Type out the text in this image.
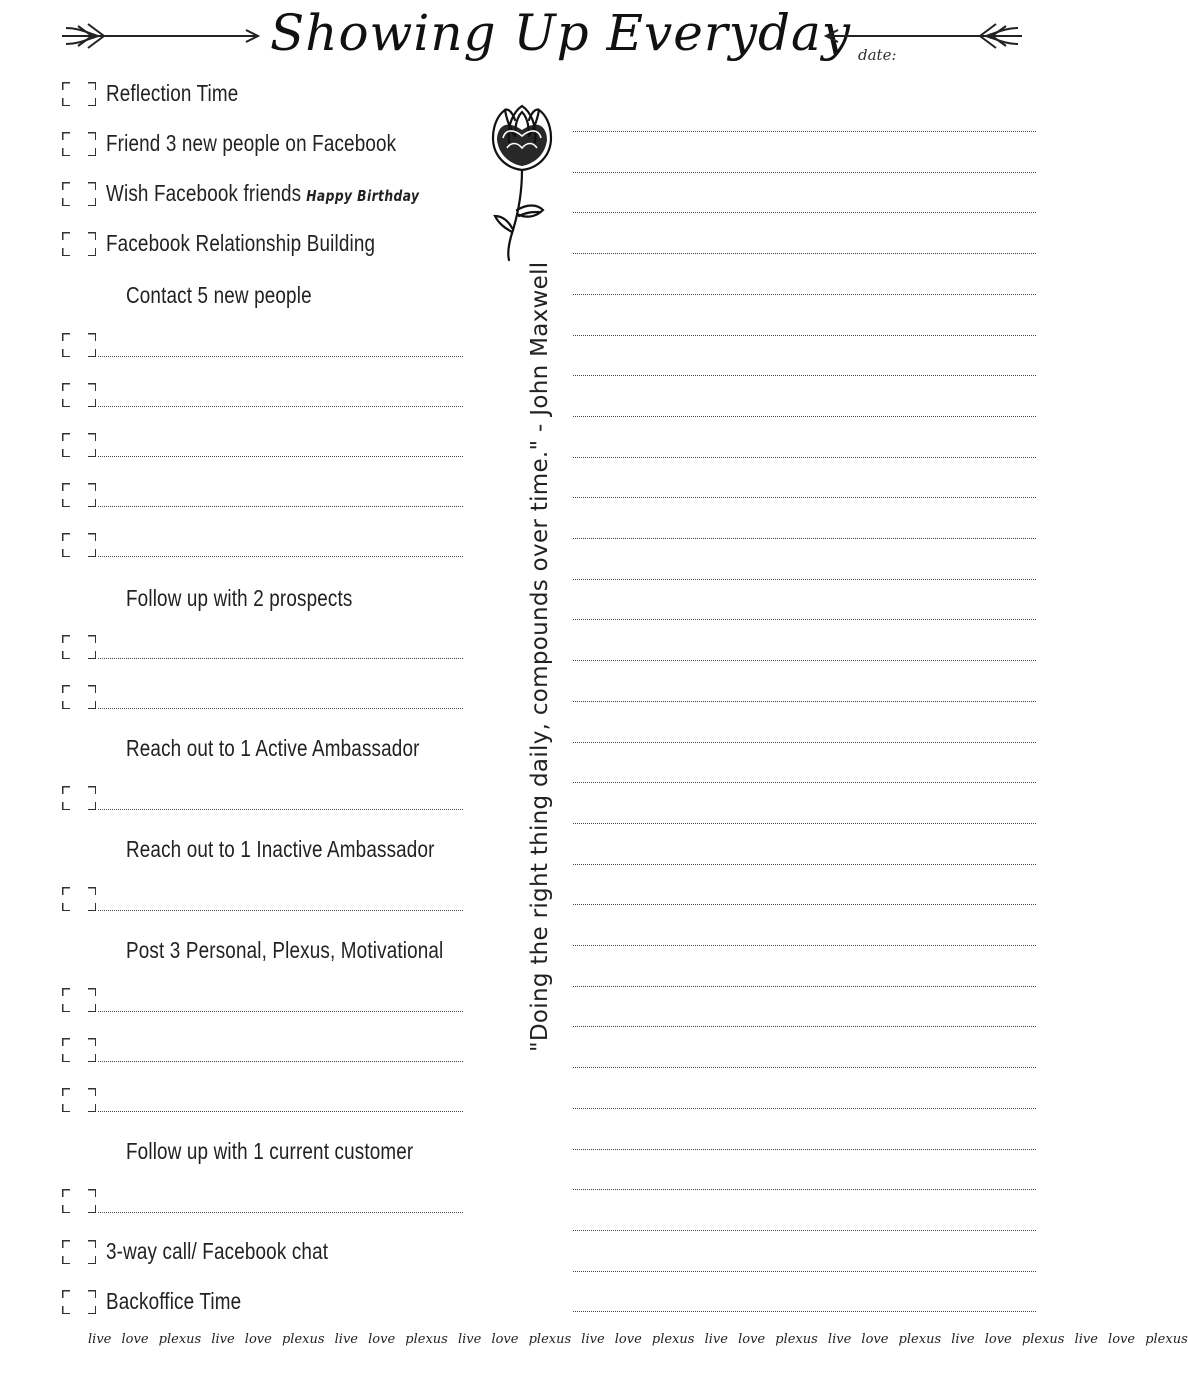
Showing Up Everyday date:
Reflection Time
Friend 3 new people on Facebook
Wish Facebook friends Happy Birthday
Facebook Relationship Building
Contact 5 new people
Follow up with 2 prospects
Reach out to 1 Active Ambassador
Reach out to 1 Inactive Ambassador
Post 3 Personal, Plexus, Motivational
Follow up with 1 current customer
3-way call/ Facebook chat
Backoffice Time
"Doing the right thing daily, compounds over time." - John Maxwell
live love plexus live love plexus live love plexus live love plexus live love plexus live love plexus live love plexus live love plexus live love plexus
